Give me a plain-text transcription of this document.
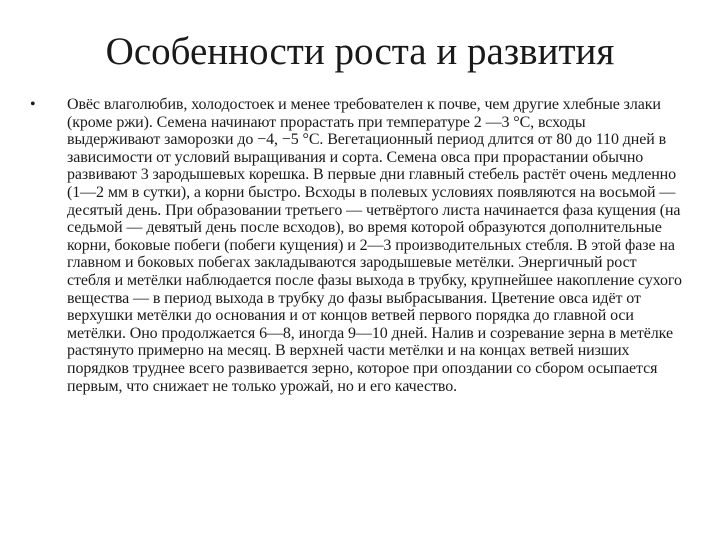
Особенности роста и развития
• Овёс влаголюбив, холодостоек и менее требователен к почве, чем другие хлебные злаки (кроме ржи). Семена начинают прорастать при температуре 2 —3 °С, всходы выдерживают заморозки до −4, −5 °С. Вегетационный период длится от 80 до 110 дней в зависимости от условий выращивания и сорта. Семена овса при прорастании обычно развивают 3 зародышевых корешка. В первые дни главный стебель растёт очень медленно (1—2 мм в сутки), а корни быстро. Всходы в полевых условиях появляются на восьмой — десятый день. При образовании третьего — четвёртого листа начинается фаза кущения (на седьмой — девятый день после всходов), во время которой образуются дополнительные корни, боковые побеги (побеги кущения) и 2—3 производительных стебля. В этой фазе на главном и боковых побегах закладываются зародышевые метёлки. Энергичный рост стебля и метёлки наблюдается после фазы выхода в трубку, крупнейшее накопление сухого вещества — в период выхода в трубку до фазы выбрасывания. Цветение овса идёт от верхушки метёлки до основания и от концов ветвей первого порядка до главной оси метёлки. Оно продолжается 6—8, иногда 9—10 дней. Налив и созревание зерна в метёлке растянуто примерно на месяц. В верхней части метёлки и на концах ветвей низших порядков труднее всего развивается зерно, которое при опоздании со сбором осыпается первым, что снижает не только урожай, но и его качество.
